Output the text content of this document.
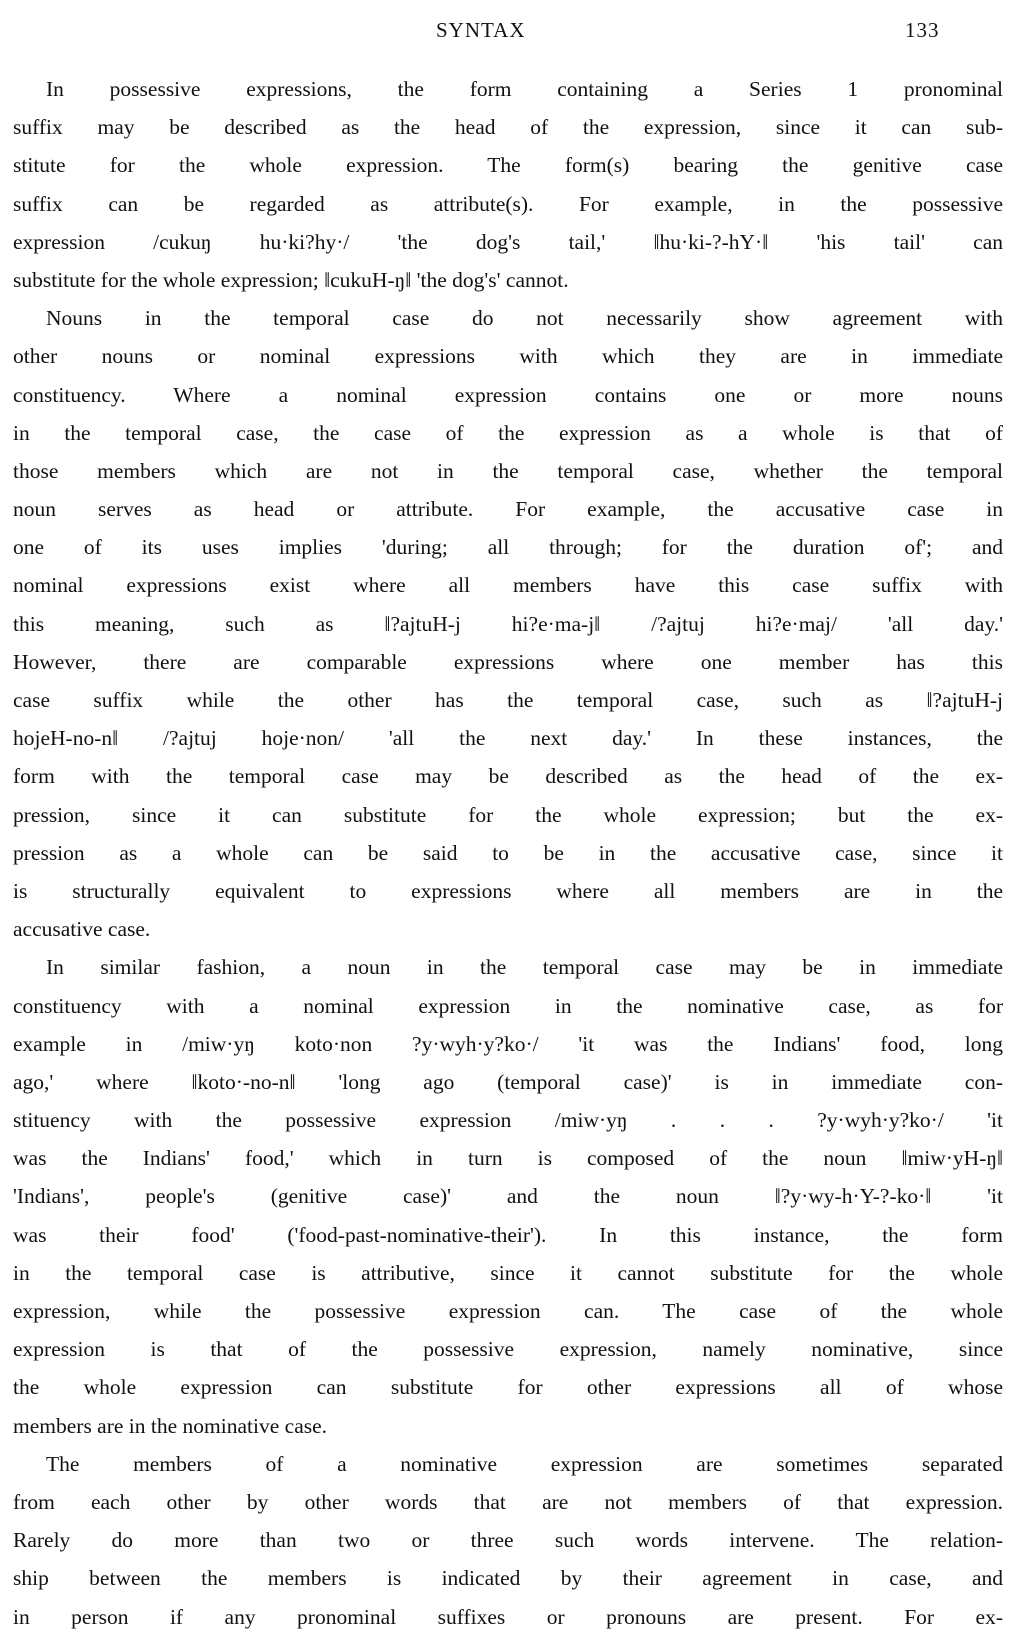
SYNTAX	133
In possessive expressions, the form containing a Series 1 pronominal
suffix may be described as the head of the expression, since it can sub-
stitute for the whole expression. The form(s) bearing the genitive case
suffix can be regarded as attribute(s). For example, in the possessive
expression /cukuŋ hu·ki?hy·/ 'the dog's tail,' ‖hu·ki-?-hY·‖ 'his tail' can
substitute for the whole expression; ‖cukuH-ŋ‖ 'the dog's' cannot.
Nouns in the temporal case do not necessarily show agreement with
other nouns or nominal expressions with which they are in immediate
constituency. Where a nominal expression contains one or more nouns
in the temporal case, the case of the expression as a whole is that of
those members which are not in the temporal case, whether the temporal
noun serves as head or attribute. For example, the accusative case in
one of its uses implies 'during; all through; for the duration of'; and
nominal expressions exist where all members have this case suffix with
this meaning, such as ‖?ajtuH-j hi?e·ma-j‖ /?ajtuj hi?e·maj/ 'all day.'
However, there are comparable expressions where one member has this
case suffix while the other has the temporal case, such as ‖?ajtuH-j
hojeH-no-n‖ /?ajtuj hoje·non/ 'all the next day.' In these instances, the
form with the temporal case may be described as the head of the ex-
pression, since it can substitute for the whole expression; but the ex-
pression as a whole can be said to be in the accusative case, since it
is structurally equivalent to expressions where all members are in the
accusative case.
In similar fashion, a noun in the temporal case may be in immediate
constituency with a nominal expression in the nominative case, as for
example in /miw·yŋ koto·non ?y·wyh·y?ko·/ 'it was the Indians' food, long
ago,' where ‖koto·-no-n‖ 'long ago (temporal case)' is in immediate con-
stituency with the possessive expression /miw·yŋ . . . ?y·wyh·y?ko·/ 'it
was the Indians' food,' which in turn is composed of the noun ‖miw·yH-ŋ‖
'Indians', people's (genitive case)' and the noun ‖?y·wy-h·Y-?-ko·‖ 'it
was their food' ('food-past-nominative-their'). In this instance, the form
in the temporal case is attributive, since it cannot substitute for the whole
expression, while the possessive expression can. The case of the whole
expression is that of the possessive expression, namely nominative, since
the whole expression can substitute for other expressions all of whose
members are in the nominative case.
The members of a nominative expression are sometimes separated
from each other by other words that are not members of that expression.
Rarely do more than two or three such words intervene. The relation-
ship between the members is indicated by their agreement in case, and
in person if any pronominal suffixes or pronouns are present. For ex-
